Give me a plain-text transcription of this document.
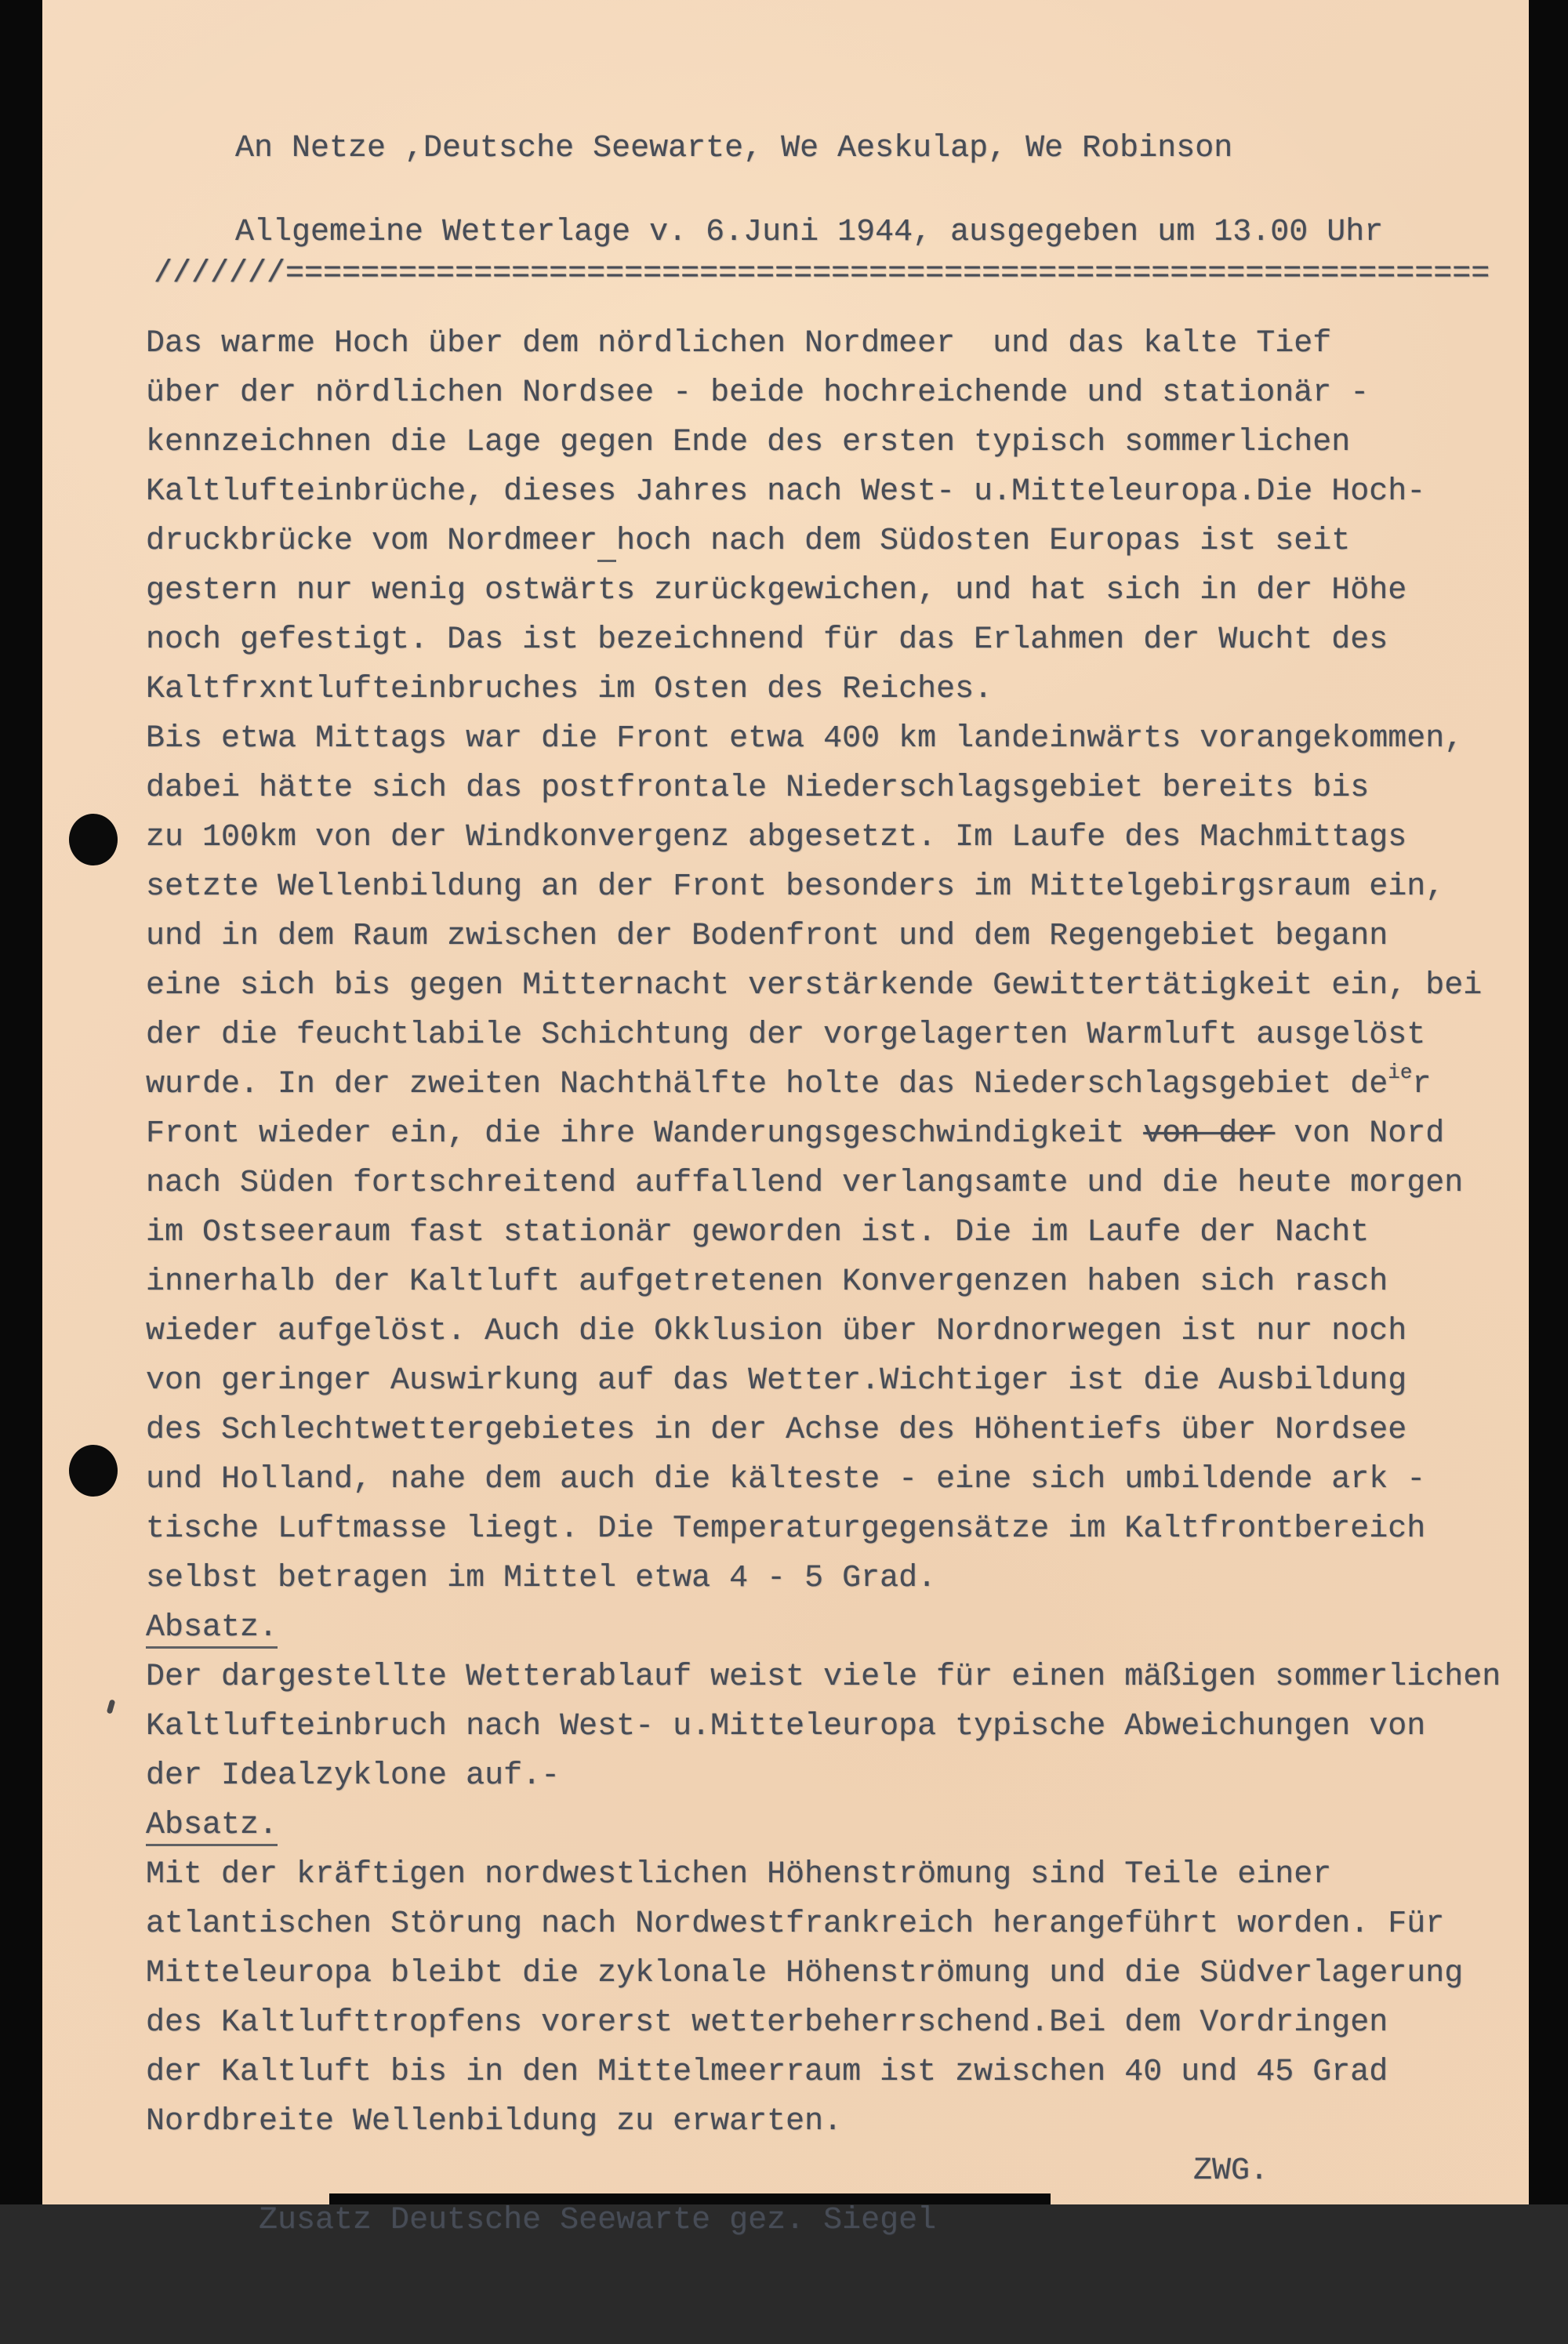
An Netze ,Deutsche Seewarte, We Aeskulap, We Robinson
Allgemeine Wetterlage v. 6.Juni 1944, ausgegeben um 13.00 Uhr
///////================================================================
Das warme Hoch über dem nördlichen Nordmeer  und das kalte Tief
über der nördlichen Nordsee - beide hochreichende und stationär -
kennzeichnen die Lage gegen Ende des ersten typisch sommerlichen
Kaltlufteinbrüche, dieses Jahres nach West- u.Mitteleuropa.Die Hoch-
druckbrücke vom Nordmeer hoch nach dem Südosten Europas ist seit
gestern nur wenig ostwärts zurückgewichen, und hat sich in der Höhe
noch gefestigt. Das ist bezeichnend für das Erlahmen der Wucht des
Kaltfrxntlufteinbruches im Osten des Reiches.
Bis etwa Mittags war die Front etwa 400 km landeinwärts vorangekommen,
dabei hätte sich das postfrontale Niederschlagsgebiet bereits bis
zu 100km von der Windkonvergenz abgesetzt. Im Laufe des Machmittags
setzte Wellenbildung an der Front besonders im Mittelgebirgsraum ein,
und in dem Raum zwischen der Bodenfront und dem Regengebiet begann
eine sich bis gegen Mitternacht verstärkende Gewittertätigkeit ein, bei
der die feuchtlabile Schichtung der vorgelagerten Warmluft ausgelöst
wurde. In der zweiten Nachthälfte holte das Niederschlagsgebiet deier
Front wieder ein, die ihre Wanderungsgeschwindigkeit von der von Nord
nach Süden fortschreitend auffallend verlangsamte und die heute morgen
im Ostseeraum fast stationär geworden ist. Die im Laufe der Nacht
innerhalb der Kaltluft aufgetretenen Konvergenzen haben sich rasch
wieder aufgelöst. Auch die Okklusion über Nordnorwegen ist nur noch
von geringer Auswirkung auf das Wetter.Wichtiger ist die Ausbildung
des Schlechtwettergebietes in der Achse des Höhentiefs über Nordsee
und Holland, nahe dem auch die kälteste - eine sich umbildende ark -
tische Luftmasse liegt. Die Temperaturgegensätze im Kaltfrontbereich
selbst betragen im Mittel etwa 4 - 5 Grad.
Absatz.
Der dargestellte Wetterablauf weist viele für einen mäßigen sommerlichen
Kaltlufteinbruch nach West- u.Mitteleuropa typische Abweichungen von
der Idealzyklone auf.-
Absatz.
Mit der kräftigen nordwestlichen Höhenströmung sind Teile einer
atlantischen Störung nach Nordwestfrankreich herangeführt worden. Für
Mitteleuropa bleibt die zyklonale Höhenströmung und die Südverlagerung
des Kaltlufttropfens vorerst wetterbeherrschend.Bei dem Vordringen
der Kaltluft bis in den Mittelmeerraum ist zwischen 40 und 45 Grad
Nordbreite Wellenbildung zu erwarten.

Zusatz Deutsche Seewarte gez. Siegel

ZWG.
